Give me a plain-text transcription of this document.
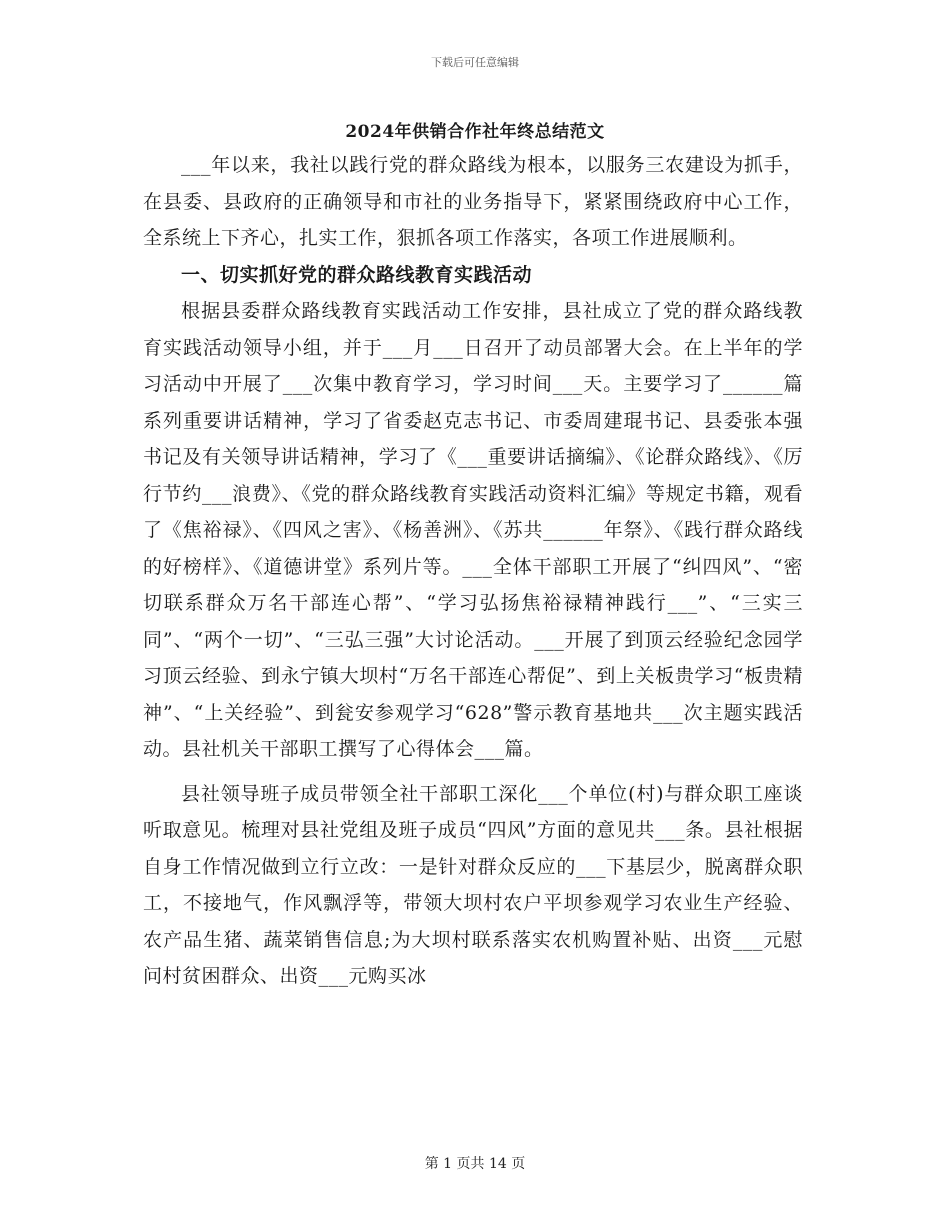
下载后可任意编辑
2024年供销合作社年终总结范文

___年以来，我社以践行党的群众路线为根本，以服务三农建设为抓手，在县委、县政府的正确领导和市社的业务指导下，紧紧围绕政府中心工作，全系统上下齐心，扎实工作，狠抓各项工作落实，各项工作进展顺利。

一、切实抓好党的群众路线教育实践活动

根据县委群众路线教育实践活动工作安排，县社成立了党的群众路线教育实践活动领导小组，并于___月___日召开了动员部署大会。在上半年的学习活动中开展了___次集中教育学习，学习时间___天。主要学习了______篇系列重要讲话精神，学习了省委赵克志书记、市委周建琨书记、县委张本强书记及有关领导讲话精神，学习了《___重要讲话摘编》、《论群众路线》、《厉行节约___浪费》、《党的群众路线教育实践活动资料汇编》等规定书籍，观看了《焦裕禄》、《四风之害》、《杨善洲》、《苏共______年祭》、《践行群众路线的好榜样》、《道德讲堂》系列片等。___全体干部职工开展了“纠四风”、“密切联系群众万名干部连心帮”、“学习弘扬焦裕禄精神践行___”、“三实三同”、“两个一切”、“三弘三强”大讨论活动。___开展了到顶云经验纪念园学习顶云经验、到永宁镇大坝村“万名干部连心帮促”、到上关板贵学习“板贵精神”、“上关经验”、到瓮安参观学习“628”警示教育基地共___次主题实践活动。县社机关干部职工撰写了心得体会___篇。

县社领导班子成员带领全社干部职工深化___个单位(村)与群众职工座谈听取意见。梳理对县社党组及班子成员“四风”方面的意见共___条。县社根据自身工作情况做到立行立改：一是针对群众反应的___下基层少，脱离群众职工，不接地气，作风飘浮等，带领大坝村农户平坝参观学习农业生产经验、农产品生猪、蔬菜销售信息;为大坝村联系落实农机购置补贴、出资___元慰问村贫困群众、出资___元购买冰

第 1 页共 14 页
